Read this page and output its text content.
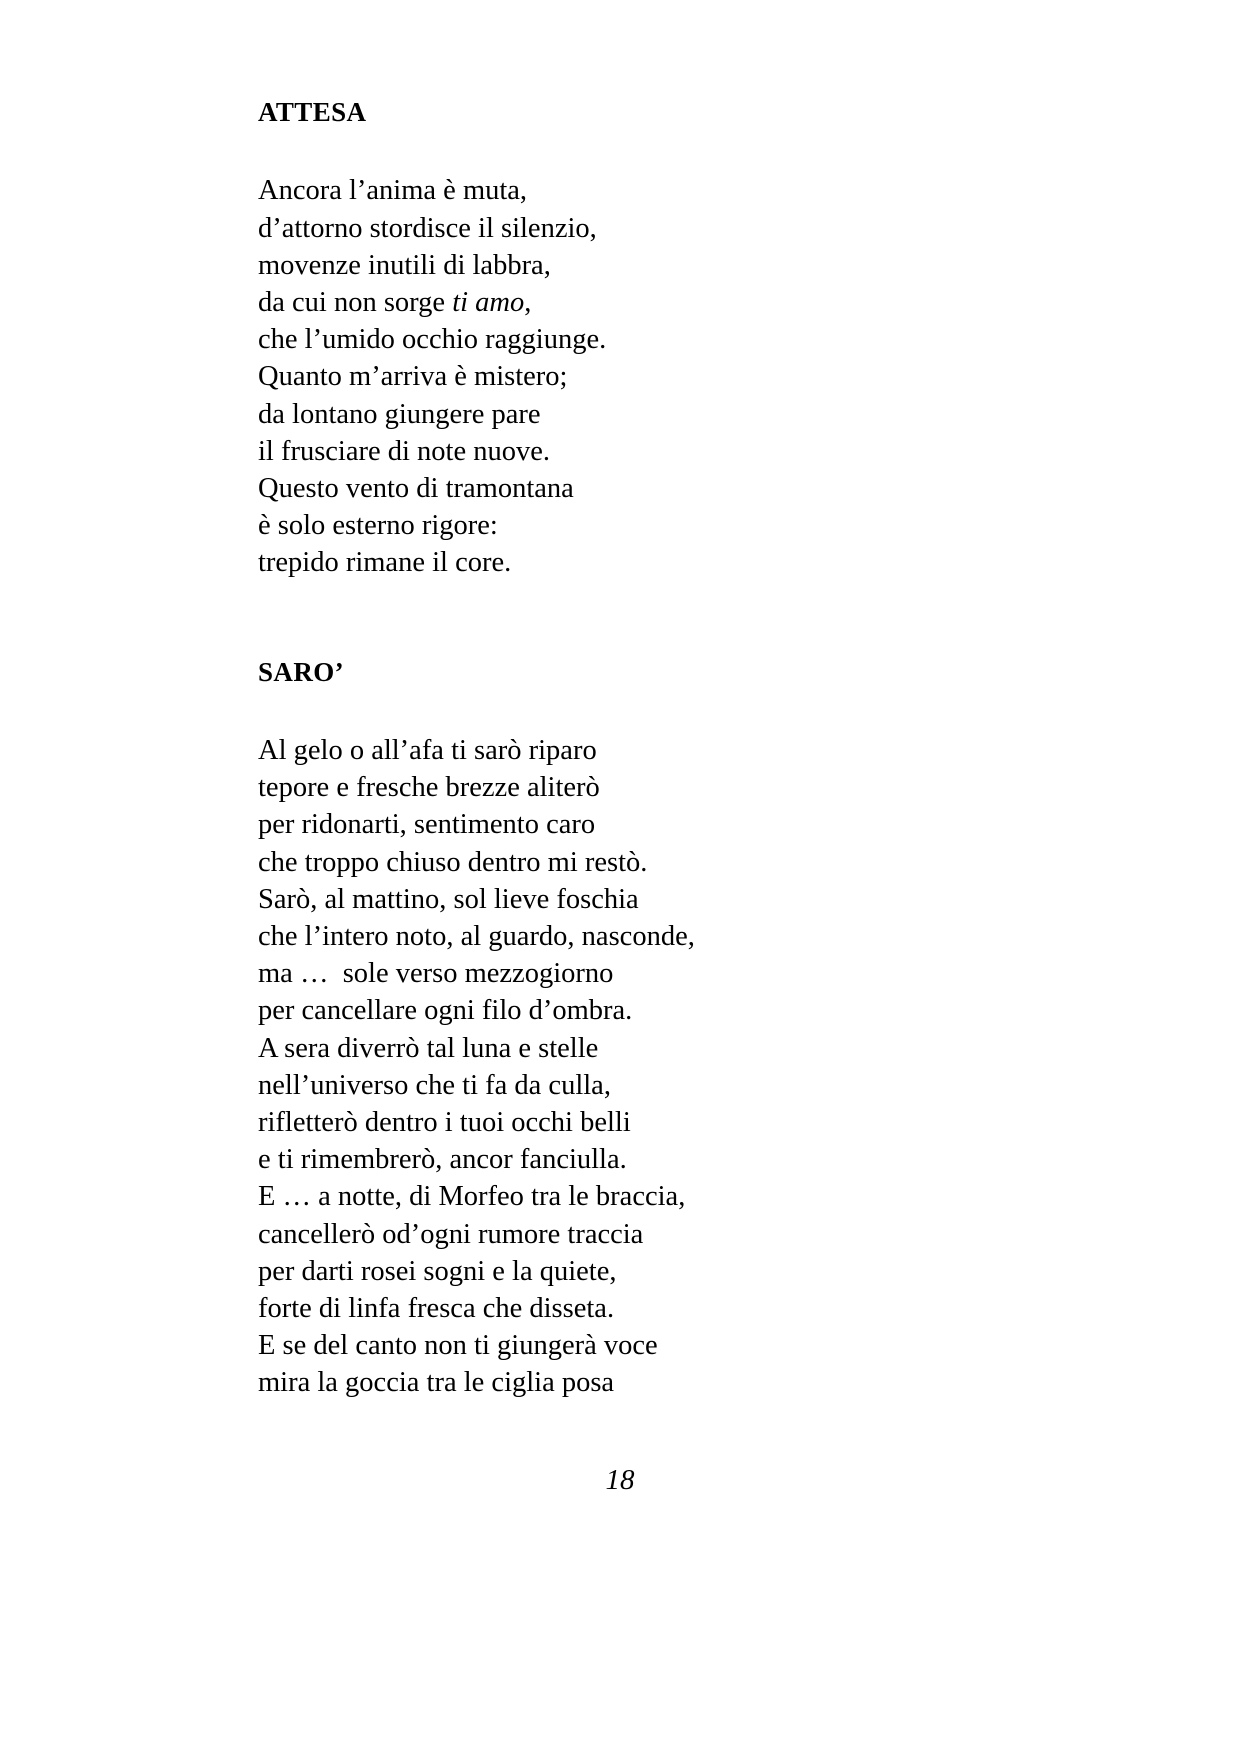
ATTESA
Ancora l’anima è muta,
d’attorno stordisce il silenzio,
movenze inutili di labbra,
da cui non sorge ti amo,
che l’umido occhio raggiunge.
Quanto m’arriva è mistero;
da lontano giungere pare
il frusciare di note nuove.
Questo vento di tramontana
è solo esterno rigore:
trepido rimane il core.
SARO’
Al gelo o all’afa ti sarò riparo
tepore e fresche brezze aliterò
per ridonarti, sentimento caro
che troppo chiuso dentro mi restò.
Sarò, al mattino, sol lieve foschia
che l’intero noto, al guardo, nasconde,
ma …  sole verso mezzogiorno
per cancellare ogni filo d’ombra.
A sera diverrò tal luna e stelle
nell’universo che ti fa da culla,
rifletterò dentro i tuoi occhi belli
e ti rimembrerò, ancor fanciulla.
E … a notte, di Morfeo tra le braccia,
cancellerò od’ogni rumore traccia
per darti rosei sogni e la quiete,
forte di linfa fresca che disseta.
E se del canto non ti giungerà voce
mira la goccia tra le ciglia posa
18
